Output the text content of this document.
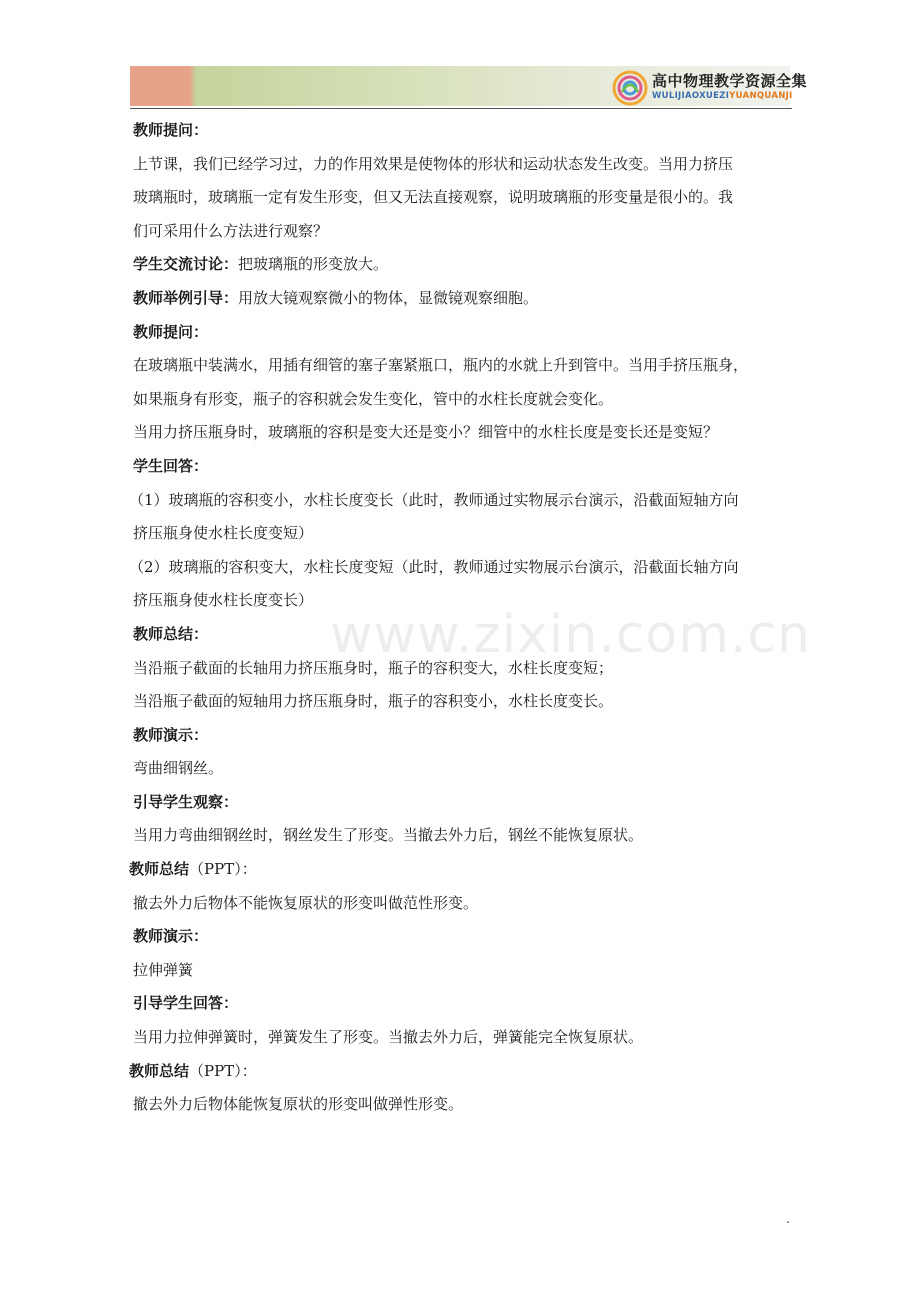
高中物理教学资源全集
WULIJIAOXUEZIYUANQUANJI
www.zixin.com.cn

教师提问：

上节课，我们已经学习过，力的作用效果是使物体的形状和运动状态发生改变。当用力挤压

玻璃瓶时，玻璃瓶一定有发生形变，但又无法直接观察，说明玻璃瓶的形变量是很小的。我

们可采用什么方法进行观察？

学生交流讨论：把玻璃瓶的形变放大。

教师举例引导：用放大镜观察微小的物体，显微镜观察细胞。

教师提问：

在玻璃瓶中装满水，用插有细管的塞子塞紧瓶口，瓶内的水就上升到管中。当用手挤压瓶身，

如果瓶身有形变，瓶子的容积就会发生变化，管中的水柱长度就会变化。

当用力挤压瓶身时，玻璃瓶的容积是变大还是变小？细管中的水柱长度是变长还是变短？

学生回答：

（1）玻璃瓶的容积变小，水柱长度变长（此时，教师通过实物展示台演示，沿截面短轴方向

挤压瓶身使水柱长度变短）

（2）玻璃瓶的容积变大，水柱长度变短（此时，教师通过实物展示台演示，沿截面长轴方向

挤压瓶身使水柱长度变长）

教师总结：

当沿瓶子截面的长轴用力挤压瓶身时，瓶子的容积变大，水柱长度变短；

当沿瓶子截面的短轴用力挤压瓶身时，瓶子的容积变小，水柱长度变长。

教师演示：

弯曲细钢丝。

引导学生观察：

当用力弯曲细钢丝时，钢丝发生了形变。当撤去外力后，钢丝不能恢复原状。

教师总结（PPT）：

撤去外力后物体不能恢复原状的形变叫做范性形变。

教师演示：

拉伸弹簧

引导学生回答：

当用力拉伸弹簧时，弹簧发生了形变。当撤去外力后，弹簧能完全恢复原状。

教师总结（PPT）：

撤去外力后物体能恢复原状的形变叫做弹性形变。

.
